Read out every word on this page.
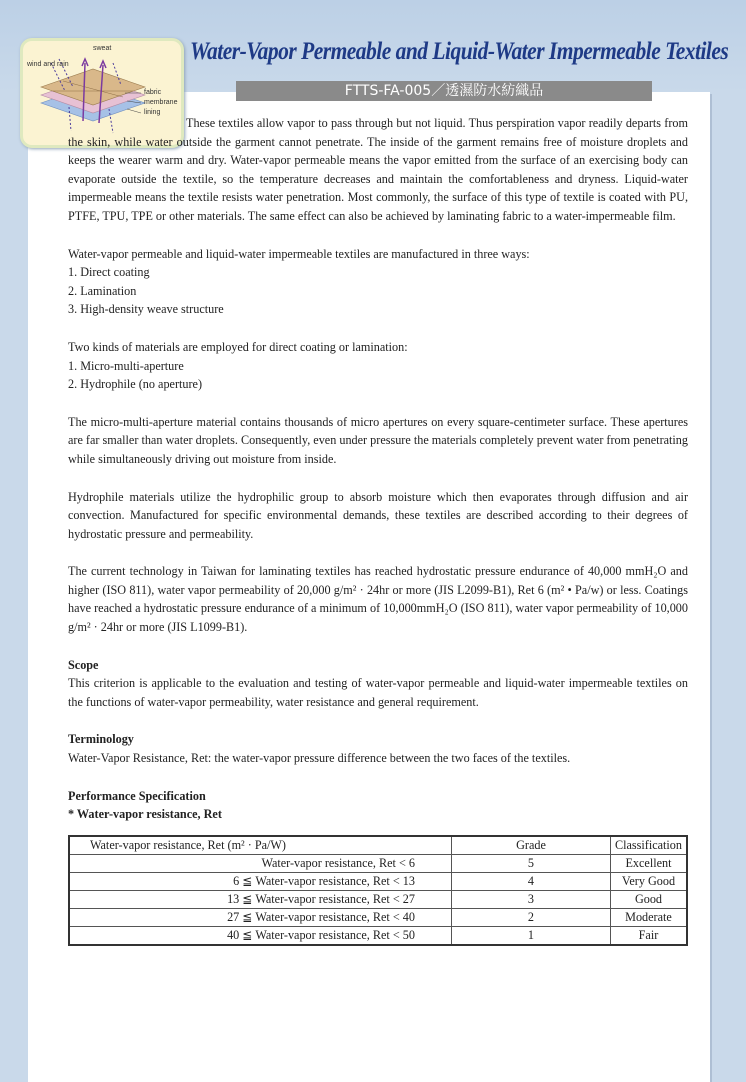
sweat
wind and rain
fabric
membrane
lining
Water-Vapor Permeable and Liquid-Water Impermeable Textiles
FTTS-FA-005／透濕防水紡織品

These textiles allow vapor to pass through but not liquid. Thus perspiration vapor readily departs from the skin, while water outside the garment cannot penetrate. The inside of the garment remains free of moisture droplets and keeps the wearer warm and dry. Water-vapor permeable means the vapor emitted from the surface of an exercising body can evaporate outside the textile, so the temperature decreases and maintain the comfortableness and dryness. Liquid-water impermeable means the textile resists water penetration. Most commonly, the surface of this type of textile is coated with PU, PTFE, TPU, TPE or other materials. The same effect can also be achieved by laminating fabric to a water-impermeable film.

Water-vapor permeable and liquid-water impermeable textiles are manufactured in three ways:

1. Direct coating

2. Lamination

3. High-density weave structure

Two kinds of materials are employed for direct coating or lamination:

1. Micro-multi-aperture

2. Hydrophile (no aperture)

The micro-multi-aperture material contains thousands of micro apertures on every square-centimeter surface. These apertures are far smaller than water droplets. Consequently, even under pressure the materials completely prevent water from penetrating while simultaneously driving out moisture from inside.

Hydrophile materials utilize the hydrophilic group to absorb moisture which then evaporates through diffusion and air convection. Manufactured for specific environmental demands, these textiles are described according to their degrees of hydrostatic pressure and permeability.

The current technology in Taiwan for laminating textiles has reached hydrostatic pressure endurance of 40,000 mmH₂O and higher (ISO 811), water vapor permeability of 20,000 g/m² · 24hr or more (JIS L2099-B1), Ret 6 (m² • Pa/w) or less. Coatings have reached a hydrostatic pressure endurance of a minimum of 10,000mmH₂O (ISO 811), water vapor permeability of 10,000 g/m² · 24hr or more (JIS L1099-B1).

Scope

This criterion is applicable to the evaluation and testing of water-vapor permeable and liquid-water impermeable textiles on the functions of water-vapor permeability, water resistance and general requirement.

Terminology

Water-Vapor Resistance, Ret: the water-vapor pressure difference between the two faces of the textiles.

Performance Specification

* Water-vapor resistance, Ret

Water-vapor resistance, Ret (m² · Pa/W)	Grade	Classification
Water-vapor resistance, Ret < 6	5	Excellent
6 ≦ Water-vapor resistance, Ret < 13	4	Very Good
13 ≦ Water-vapor resistance, Ret < 27	3	Good
27 ≦ Water-vapor resistance, Ret < 40	2	Moderate
40 ≦ Water-vapor resistance, Ret < 50	1	Fair
